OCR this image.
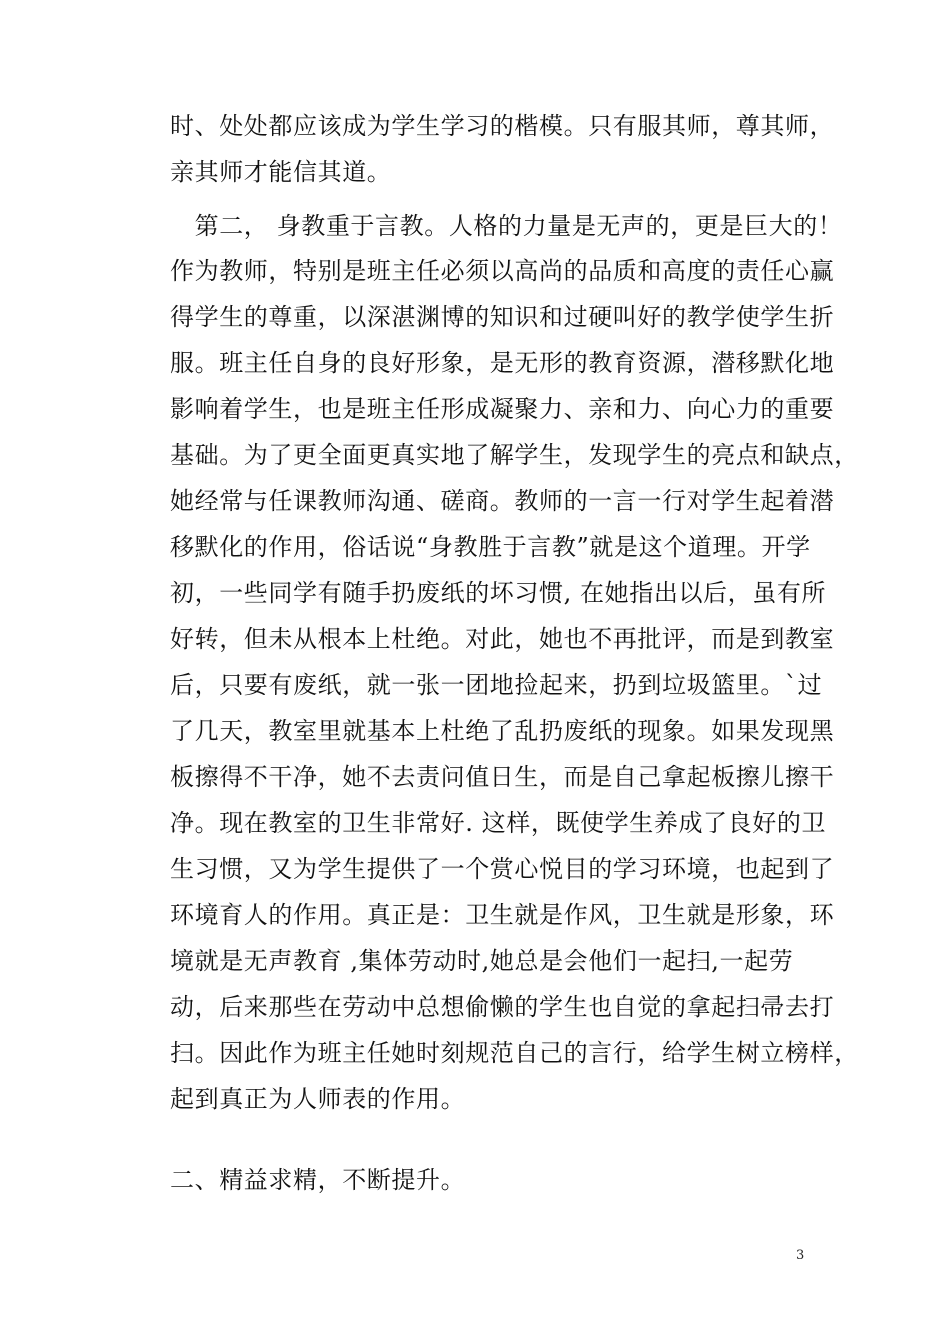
时、处处都应该成为学生学习的楷模。只有服其师，尊其师，

亲其师才能信其道。

　第二， 身教重于言教。人格的力量是无声的，更是巨大的！

作为教师，特别是班主任必须以高尚的品质和高度的责任心赢

得学生的尊重，以深湛渊博的知识和过硬叫好的教学使学生折

服。班主任自身的良好形象，是无形的教育资源，潜移默化地

影响着学生，也是班主任形成凝聚力、亲和力、向心力的重要

基础。为了更全面更真实地了解学生，发现学生的亮点和缺点，

她经常与任课教师沟通、磋商。教师的一言一行对学生起着潜

移默化的作用，俗话说“身教胜于言教”就是这个道理。开学

初，一些同学有随手扔废纸的坏习惯, 在她指出以后，虽有所

好转，但未从根本上杜绝。对此，她也不再批评，而是到教室

后，只要有废纸，就一张一团地捡起来，扔到垃圾篮里。`过

了几天，教室里就基本上杜绝了乱扔废纸的现象。如果发现黑

板擦得不干净，她不去责问值日生，而是自己拿起板擦儿擦干

净。现在教室的卫生非常好. 这样，既使学生养成了良好的卫

生习惯，又为学生提供了一个赏心悦目的学习环境，也起到了

环境育人的作用。真正是：卫生就是作风，卫生就是形象，环

境就是无声教育 ,集体劳动时,她总是会他们一起扫,一起劳

动，后来那些在劳动中总想偷懒的学生也自觉的拿起扫帚去打

扫。因此作为班主任她时刻规范自己的言行，给学生树立榜样，

起到真正为人师表的作用。

二、精益求精，不断提升。

3
